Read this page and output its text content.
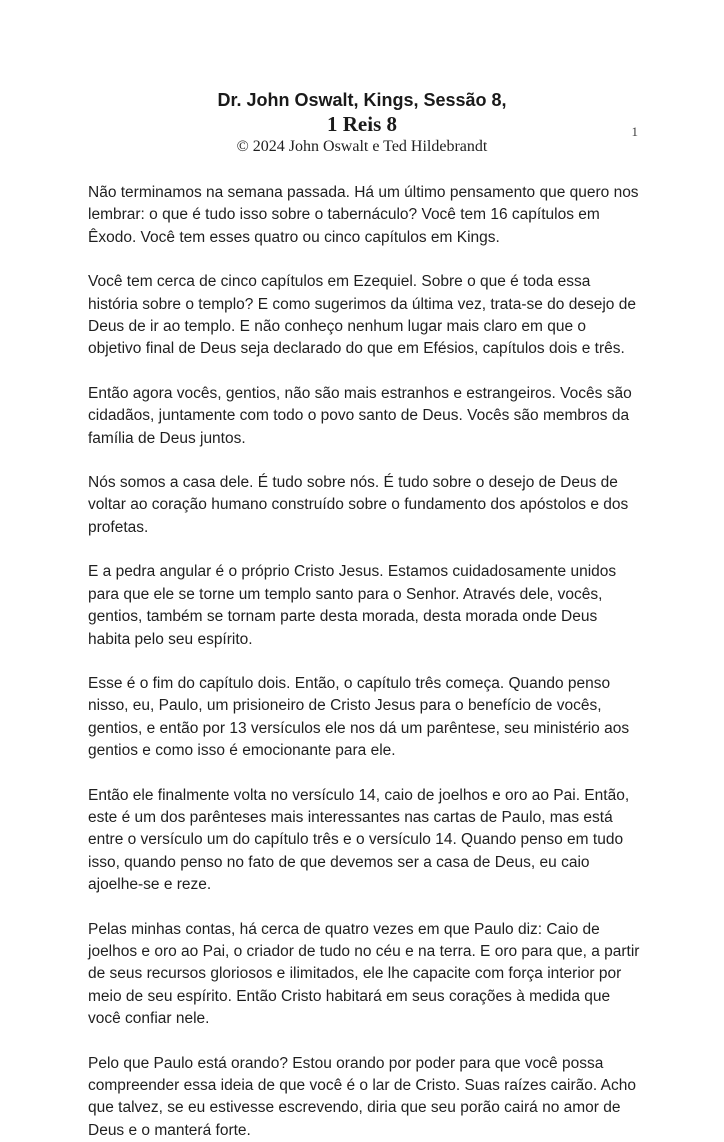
1
Dr. John Oswalt, Kings, Sessão 8,
1 Reis 8
© 2024 John Oswalt e Ted Hildebrandt

Não terminamos na semana passada. Há um último pensamento que quero nos lembrar: o que é tudo isso sobre o tabernáculo? Você tem 16 capítulos em Êxodo. Você tem esses quatro ou cinco capítulos em Kings.

Você tem cerca de cinco capítulos em Ezequiel. Sobre o que é toda essa história sobre o templo? E como sugerimos da última vez, trata-se do desejo de Deus de ir ao templo. E não conheço nenhum lugar mais claro em que o objetivo final de Deus seja declarado do que em Efésios, capítulos dois e três.

Então agora vocês, gentios, não são mais estranhos e estrangeiros. Vocês são cidadãos, juntamente com todo o povo santo de Deus. Vocês são membros da família de Deus juntos.

Nós somos a casa dele. É tudo sobre nós. É tudo sobre o desejo de Deus de voltar ao coração humano construído sobre o fundamento dos apóstolos e dos profetas.

E a pedra angular é o próprio Cristo Jesus. Estamos cuidadosamente unidos para que ele se torne um templo santo para o Senhor. Através dele, vocês, gentios, também se tornam parte desta morada, desta morada onde Deus habita pelo seu espírito.

Esse é o fim do capítulo dois. Então, o capítulo três começa. Quando penso nisso, eu, Paulo, um prisioneiro de Cristo Jesus para o benefício de vocês, gentios, e então por 13 versículos ele nos dá um parêntese, seu ministério aos gentios e como isso é emocionante para ele.

Então ele finalmente volta no versículo 14, caio de joelhos e oro ao Pai. Então, este é um dos parênteses mais interessantes nas cartas de Paulo, mas está entre o versículo um do capítulo três e o versículo 14. Quando penso em tudo isso, quando penso no fato de que devemos ser a casa de Deus, eu caio ajoelhe-se e reze.

Pelas minhas contas, há cerca de quatro vezes em que Paulo diz: Caio de joelhos e oro ao Pai, o criador de tudo no céu e na terra. E oro para que, a partir de seus recursos gloriosos e ilimitados, ele lhe capacite com força interior por meio de seu espírito. Então Cristo habitará em seus corações à medida que você confiar nele.

Pelo que Paulo está orando? Estou orando por poder para que você possa compreender essa ideia de que você é o lar de Cristo. Suas raízes cairão. Acho que talvez, se eu estivesse escrevendo, diria que seu porão cairá no amor de Deus e o manterá forte.
